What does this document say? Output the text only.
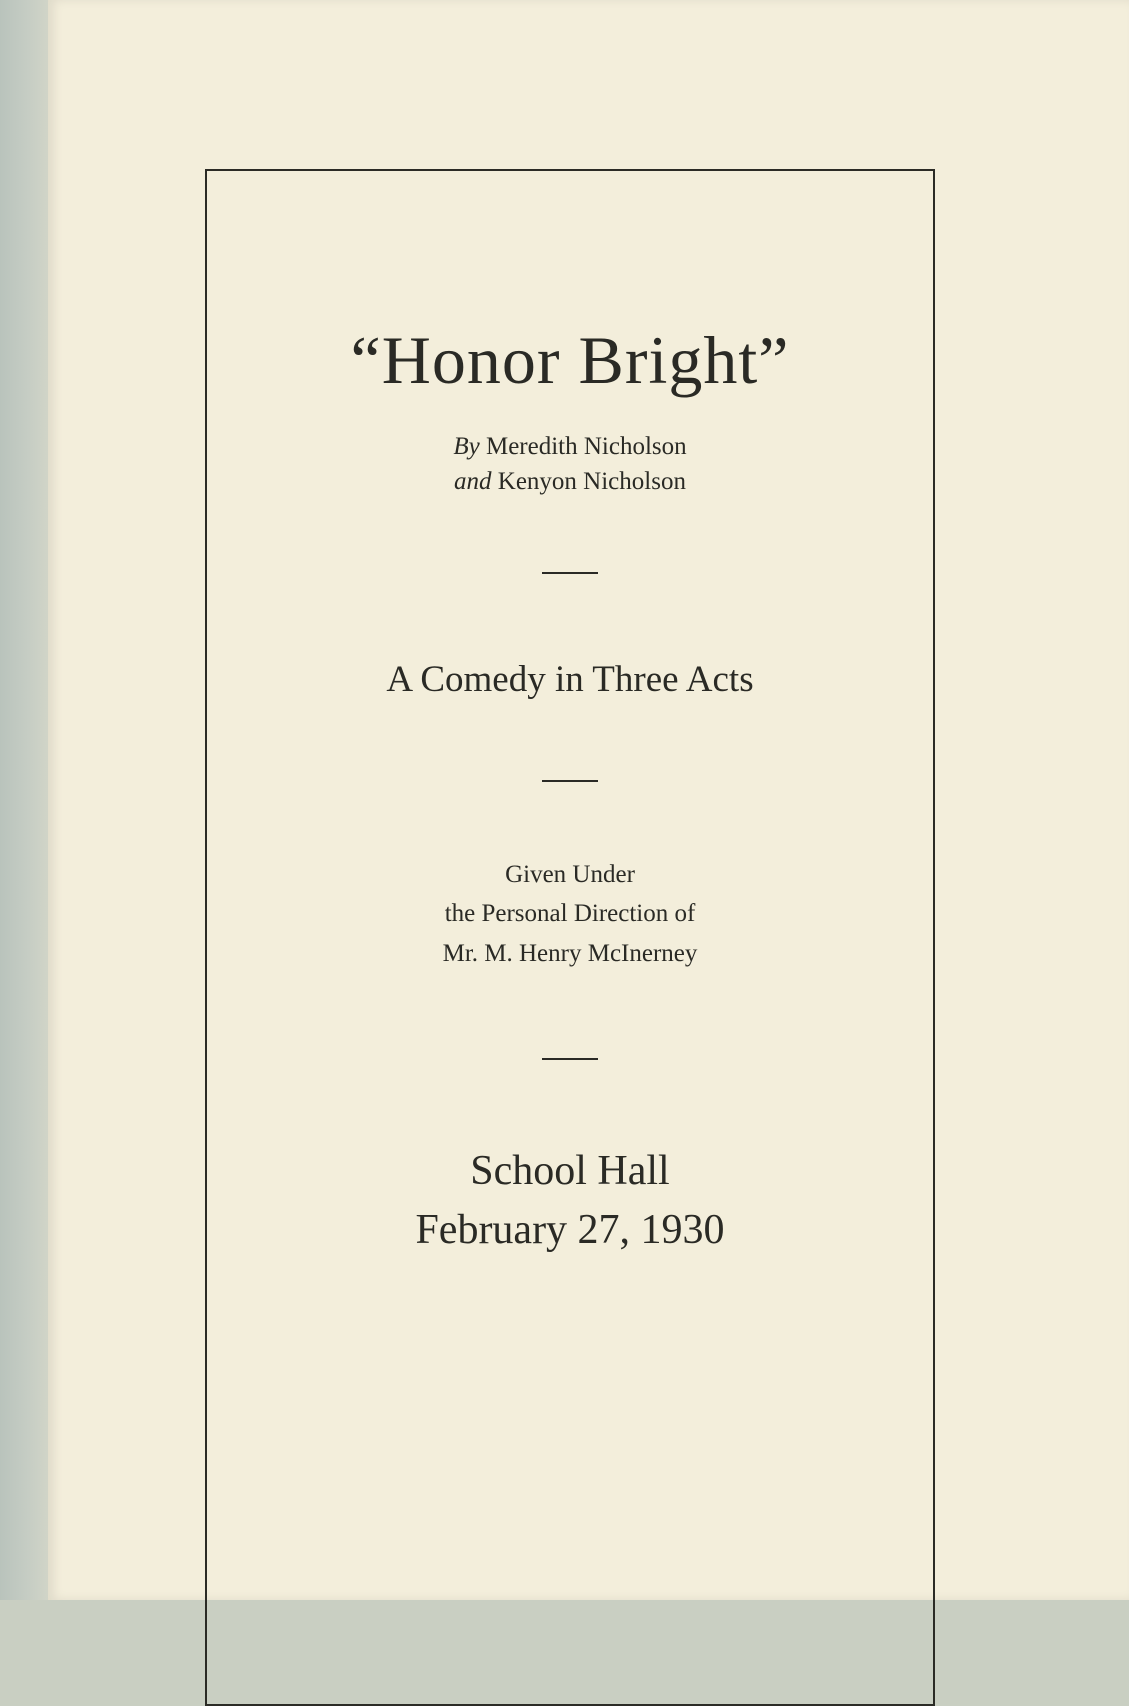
“Honor Bright”
By Meredith Nicholson
and Kenyon Nicholson
A Comedy in Three Acts
Given Under
the Personal Direction of
Mr. M. Henry McInerney
School Hall
February 27, 1930
